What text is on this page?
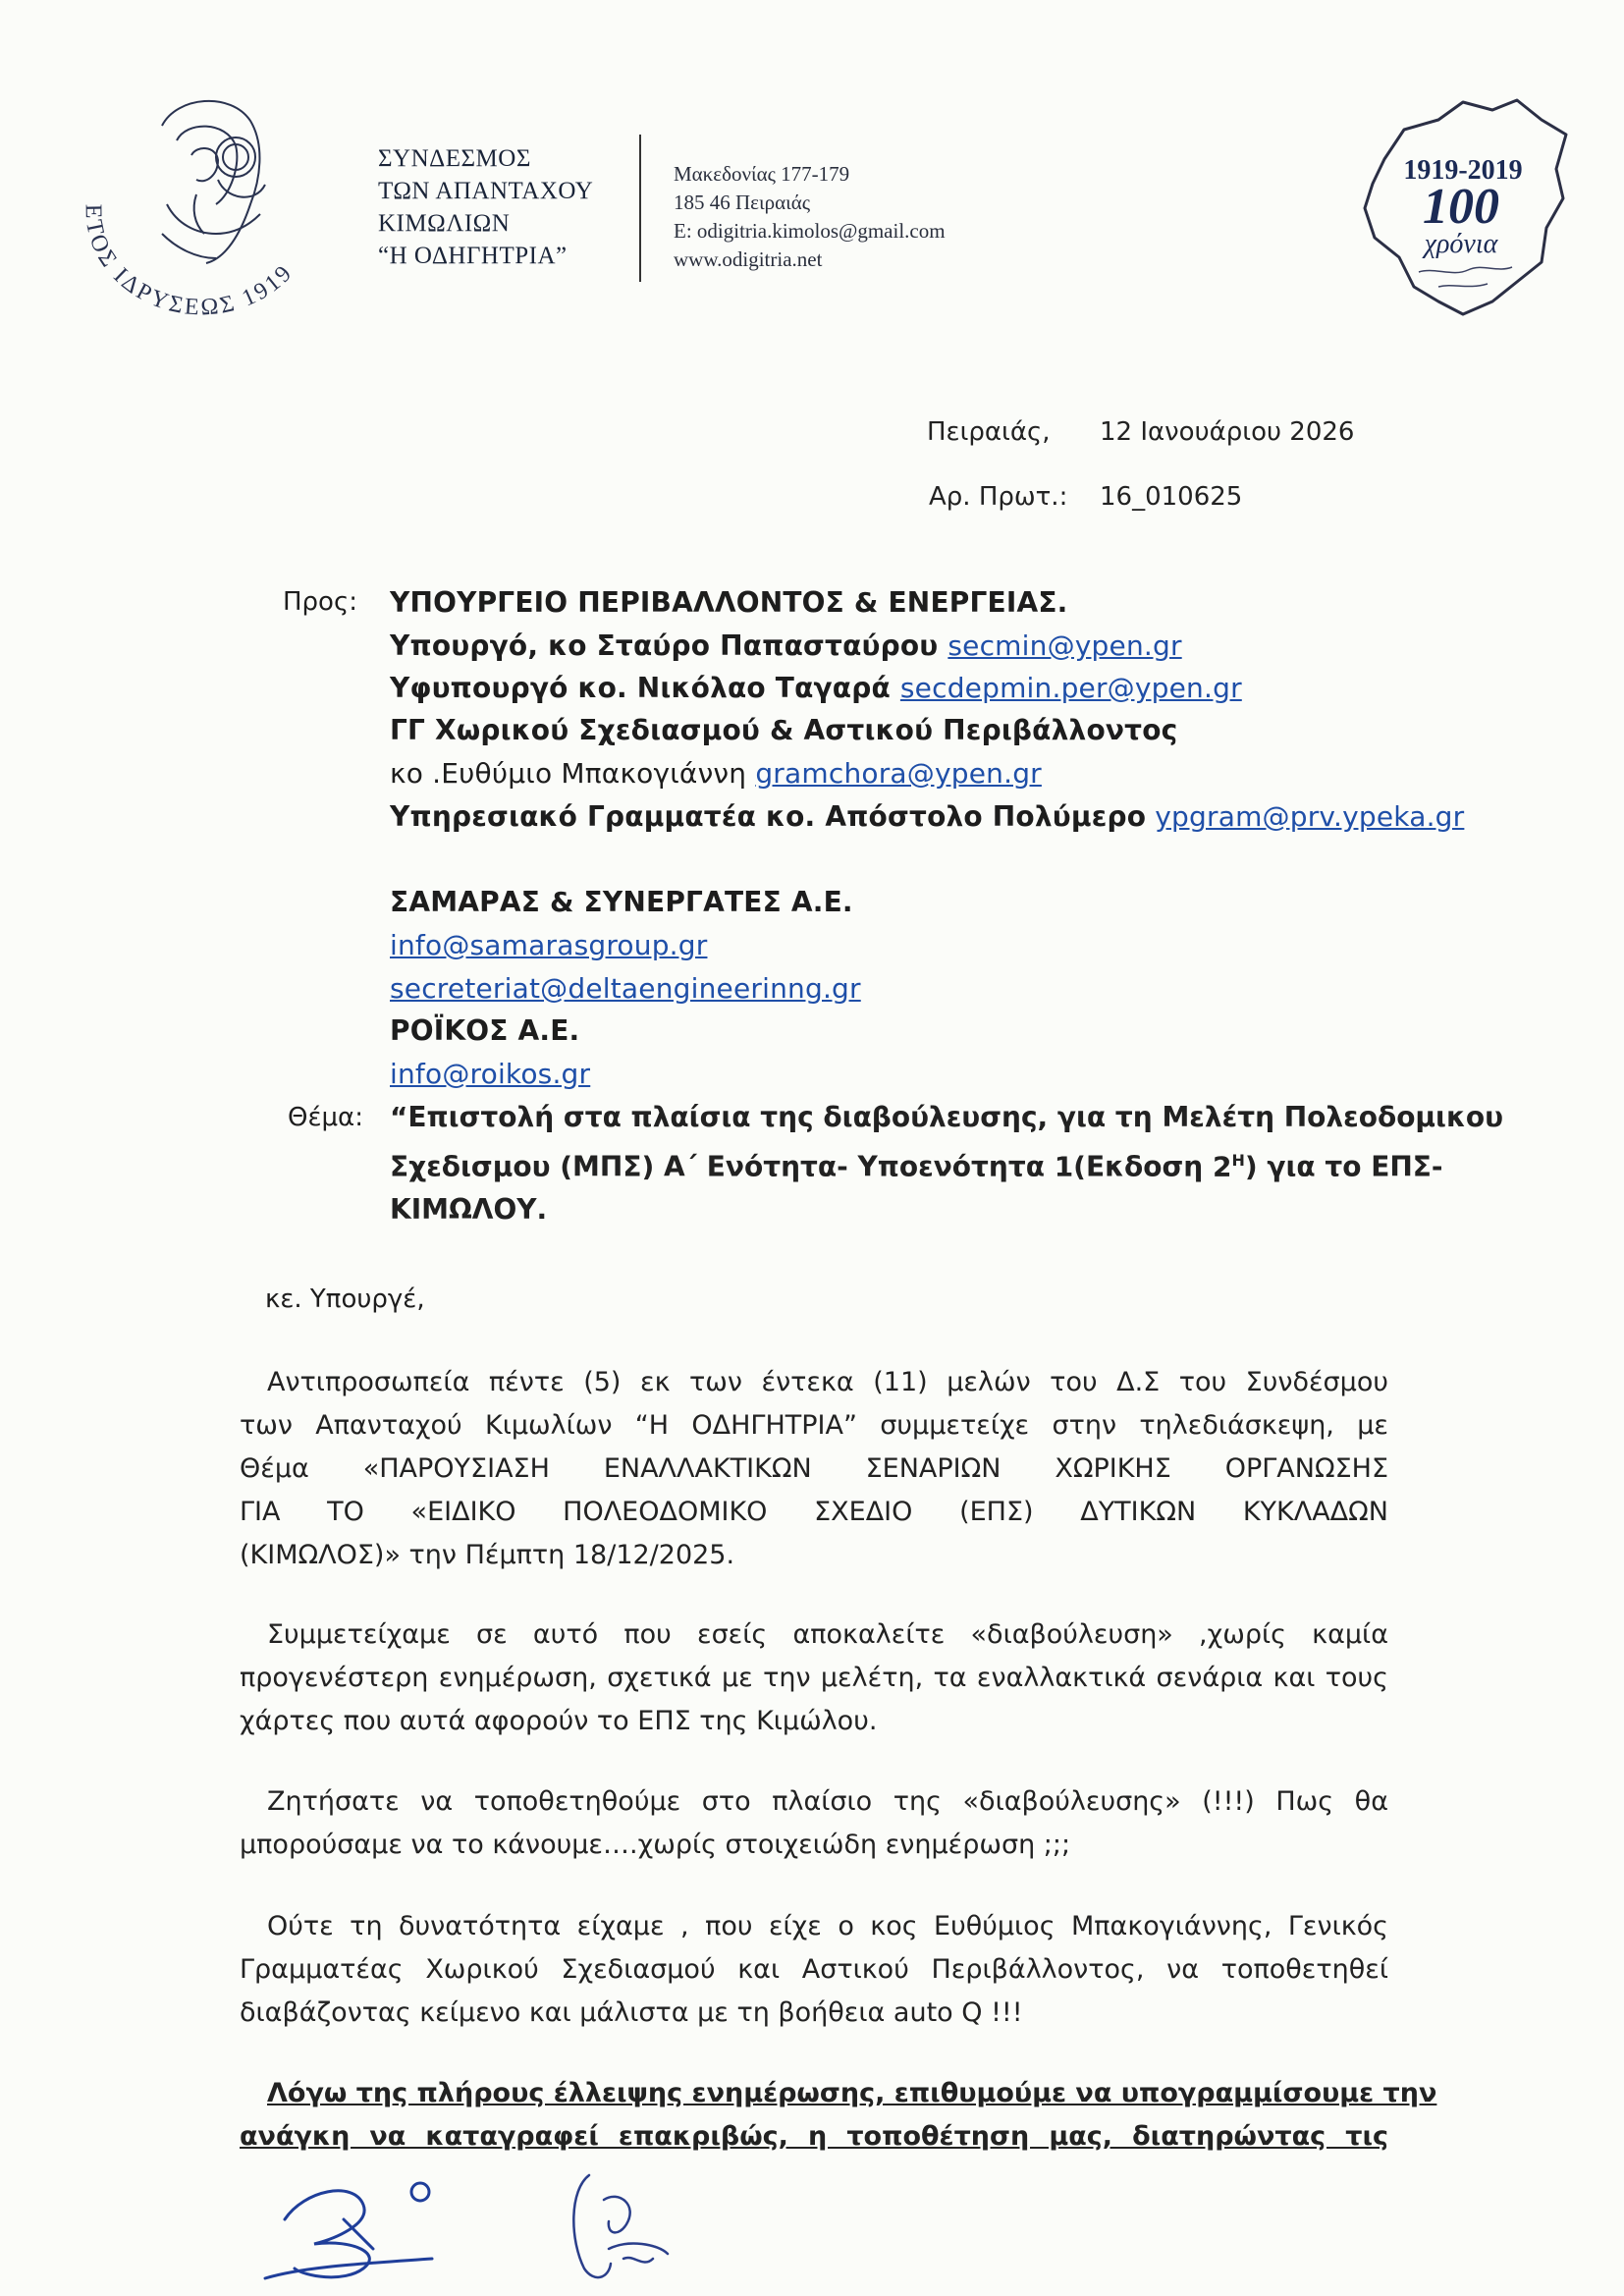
ΕΤΟΣ ΙΔΡΥΣΕΩΣ 1919
ΣΥΝΔΕΣΜΟΣ
ΤΩΝ ΑΠΑΝΤΑΧΟΥ
ΚΙΜΩΛΙΩΝ
“Η ΟΔΗΓΗΤΡΙΑ”
Μακεδονίας 177-179
185 46 Πειραιάς
E: odigitria.kimolos@gmail.com
www.odigitria.net
1919-2019
100
χρόνια
Πειραιάς, 12 Ιανουάριου 2026
Αρ. Πρωτ.: 16_010625
Προς: ΥΠΟΥΡΓΕΙΟ ΠΕΡΙΒΑΛΛΟΝΤΟΣ & ΕΝΕΡΓΕΙΑΣ.
Υπουργό, κο Σταύρο Παπασταύρου secmin@ypen.gr
Υφυπουργό κο. Νικόλαο Ταγαρά secdepmin.per@ypen.gr
ΓΓ Χωρικού Σχεδιασμού & Αστικού Περιβάλλοντος
κο .Ευθύμιο Μπακογιάννη gramchora@ypen.gr
Υπηρεσιακό Γραμματέα κο. Απόστολο Πολύμερο ypgram@prv.ypeka.gr
ΣΑΜΑΡΑΣ & ΣΥΝΕΡΓΑΤΕΣ Α.Ε.
info@samarasgroup.gr
secreteriat@deltaengineerinng.gr
ΡΟΪΚΟΣ Α.Ε.
info@roikos.gr
Θέμα: “Επιστολή στα πλαίσια της διαβούλευσης, για τη Μελέτη Πολεοδομικου
Σχεδισμου (ΜΠΣ) Α΄ Ενότητα- Υποενότητα 1(Εκδοση $2^H$) για το ΕΠΣ-
ΚΙΜΩΛΟΥ.
κε. Υπουργέ,
Αντιπροσωπεία πέντε (5) εκ των έντεκα (11) μελών του Δ.Σ του Συνδέσμου
των Απανταχού Κιμωλίων “Η ΟΔΗΓΗΤΡΙΑ” συμμετείχε στην τηλεδιάσκεψη, με
Θέμα «ΠΑΡΟΥΣΙΑΣΗ ΕΝΑΛΛΑΚΤΙΚΩΝ ΣΕΝΑΡΙΩΝ ΧΩΡΙΚΗΣ ΟΡΓΑΝΩΣΗΣ
ΓΙΑ ΤΟ «ΕΙΔΙΚΟ ΠΟΛΕΟΔΟΜΙΚΟ ΣΧΕΔΙΟ (ΕΠΣ) ΔΥΤΙΚΩΝ ΚΥΚΛΑΔΩΝ
(ΚΙΜΩΛΟΣ)» την Πέμπτη 18/12/2025.
Συμμετείχαμε σε αυτό που εσείς αποκαλείτε «διαβούλευση» ,χωρίς καμία
προγενέστερη ενημέρωση, σχετικά με την μελέτη, τα εναλλακτικά σενάρια και τους
χάρτες που αυτά αφορούν το ΕΠΣ της Κιμώλου.
Ζητήσατε να τοποθετηθούμε στο πλαίσιο της «διαβούλευσης» (!!!) Πως θα
μπορούσαμε να το κάνουμε….χωρίς στοιχειώδη ενημέρωση ;;;
Ούτε τη δυνατότητα είχαμε , που είχε ο κος Ευθύμιος Μπακογιάννης, Γενικός
Γραμματέας Χωρικού Σχεδιασμού και Αστικού Περιβάλλοντος, να τοποθετηθεί
διαβάζοντας κείμενο και μάλιστα με τη βοήθεια auto Q !!!
Λόγω της πλήρους έλλειψης ενημέρωσης, επιθυμούμε να υπογραμμίσουμε την
ανάγκη να καταγραφεί επακριβώς, η τοποθέτηση μας, διατηρώντας τις
